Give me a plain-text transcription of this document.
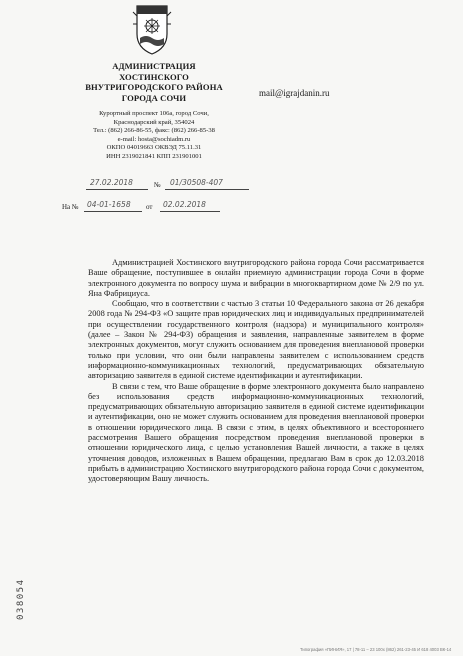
АДМИНИСТРАЦИЯ
ХОСТИНСКОГО
ВНУТРИГОРОДСКОГО РАЙОНА
ГОРОДА СОЧИ
Курортный проспект 106а, город Сочи,
Краснодарский край, 354024
Тел.: (862) 266-86-55, факс: (862) 266-85-38
e-mail: hosta@sochiadm.ru
ОКПО 04019663 ОКВЭД 75.11.31
ИНН 2319021841 КПП 231901001
mail@igrajdanin.ru
27.02.2018	№ 01/30508-407
На № 04-01-1658 от 02.02.2018

Администрацией Хостинского внутригородского района города Сочи рассматривается Ваше обращение, поступившее в онлайн приемную администрации города Сочи в форме электронного документа по вопросу шума и вибрации в многоквартирном доме № 2/9 по ул. Яна Фабрициуса.

Сообщаю, что в соответствии с частью 3 статьи 10 Федерального закона от 26 декабря 2008 года № 294-ФЗ «О защите прав юридических лиц и индивидуальных предпринимателей при осуществлении государственного контроля (надзора) и муниципального контроля» (далее – Закон № 294-ФЗ) обращения и заявления, направленные заявителем в форме электронных документов, могут служить основанием для проведения внеплановой проверки только при условии, что они были направлены заявителем с использованием средств информационно-коммуникационных технологий, предусматривающих обязательную авторизацию заявителя в единой системе идентификации и аутентификации.

В связи с тем, что Ваше обращение в форме электронного документа было направлено без использования средств информационно-коммуникационных технологий, предусматривающих обязательную авторизацию заявителя в единой системе идентификации и аутентификации, оно не может служить основанием для проведения внеплановой проверки в отношении юридического лица. В связи с этим, в целях объективного и всестороннего рассмотрения Вашего обращения посредством проведения внеплановой проверки в отношении юридического лица, с целью установления Вашей личности, а также в целях уточнения доводов, изложенных в Вашем обращении, предлагаю Вам в срок до 12.03.2018 прибыть в администрацию Хостинского внутригородского района города Сочи с документом, удостоверяющим Вашу личность.

038054
Типография «ПИНИЯ», 17 | 78-11 – 23 100х (862) 261-23-45 И 618 4003 ВК-14
